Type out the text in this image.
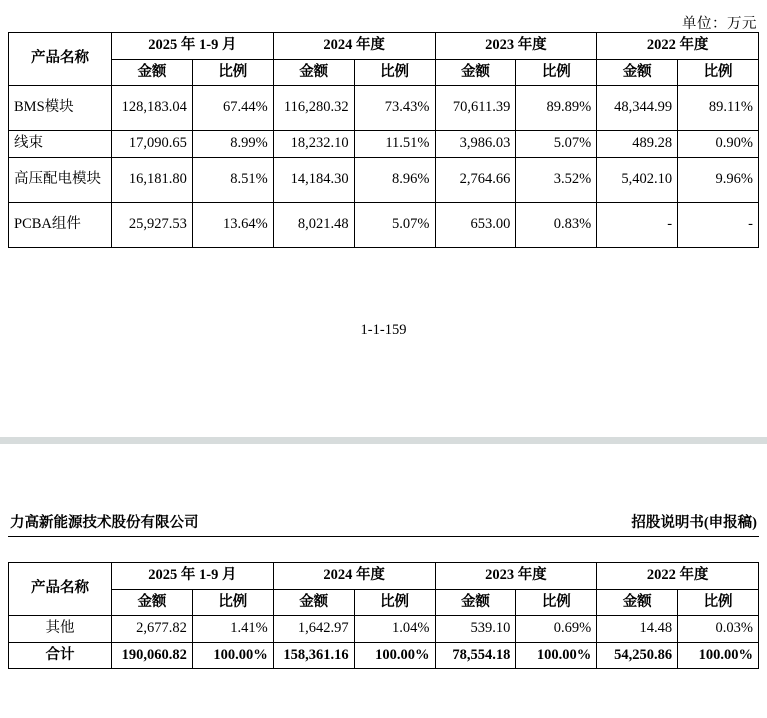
单位：万元
产品名称	2025 年 1-9 月		2024 年度		2023 年度		2022 年度	
	金额	比例	金额	比例	金额	比例	金额	比例
BMS模块	128,183.04	67.44%	116,280.32	73.43%	70,611.39	89.89%	48,344.99	89.11%
线束	17,090.65	8.99%	18,232.10	11.51%	3,986.03	5.07%	489.28	0.90%
高压配电模块	16,181.80	8.51%	14,184.30	8.96%	2,764.66	3.52%	5,402.10	9.96%
PCBA组件	25,927.53	13.64%	8,021.48	5.07%	653.00	0.83%	-	-
1-1-159
力高新能源技术股份有限公司	招股说明书(申报稿)
产品名称	2025 年 1-9 月		2024 年度		2023 年度		2022 年度	
	金额	比例	金额	比例	金额	比例	金额	比例
其他	2,677.82	1.41%	1,642.97	1.04%	539.10	0.69%	14.48	0.03%
合计	190,060.82	100.00%	158,361.16	100.00%	78,554.18	100.00%	54,250.86	100.00%
